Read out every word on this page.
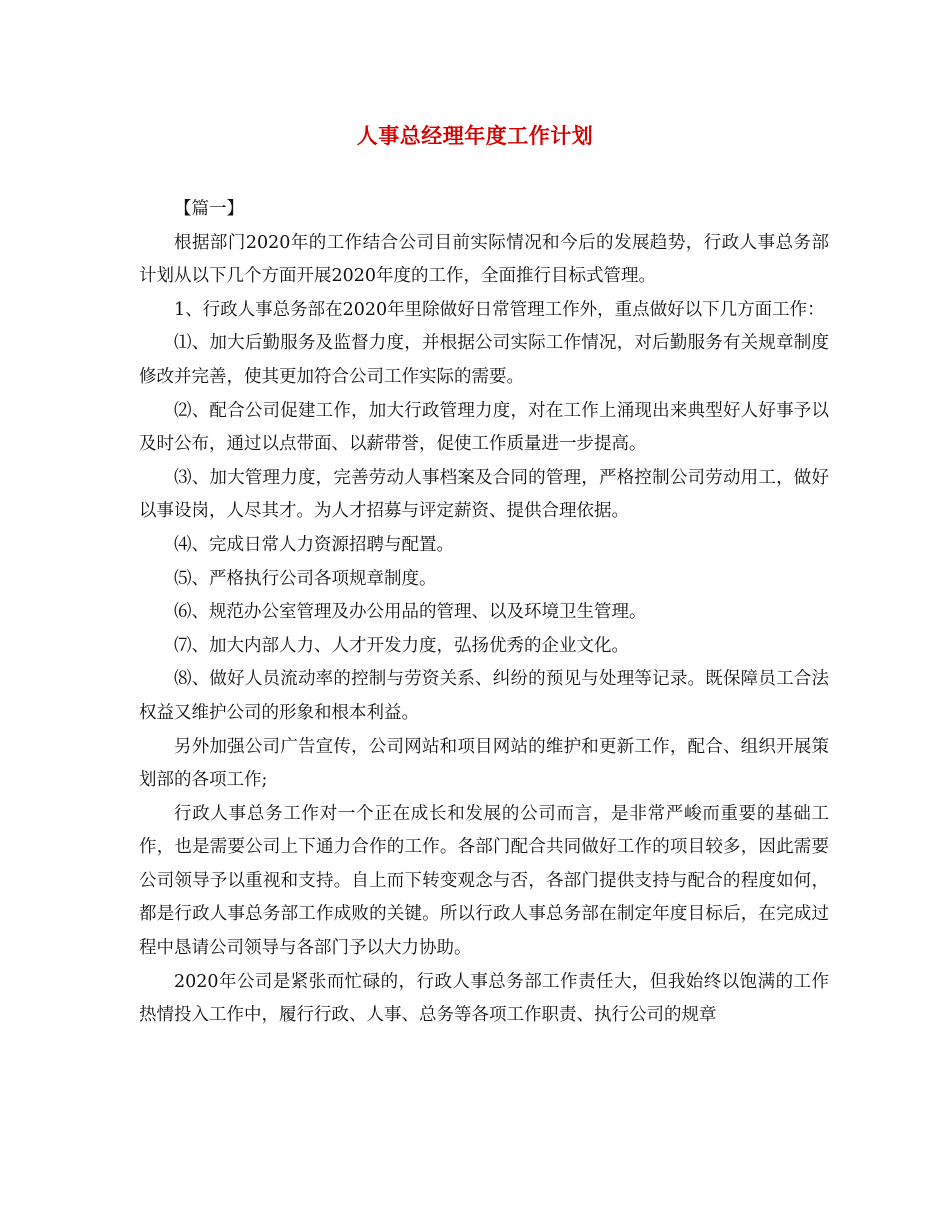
人事总经理年度工作计划

【篇一】

根据部门2020年的工作结合公司目前实际情况和今后的发展趋势，行政人事总务部计划从以下几个方面开展2020年度的工作，全面推行目标式管理。

1、行政人事总务部在2020年里除做好日常管理工作外，重点做好以下几方面工作：

⑴、加大后勤服务及监督力度，并根据公司实际工作情况，对后勤服务有关规章制度修改并完善，使其更加符合公司工作实际的需要。

⑵、配合公司促建工作，加大行政管理力度，对在工作上涌现出来典型好人好事予以及时公布，通过以点带面、以薪带誉，促使工作质量进一步提高。

⑶、加大管理力度，完善劳动人事档案及合同的管理，严格控制公司劳动用工，做好以事设岗，人尽其才。为人才招募与评定薪资、提供合理依据。

⑷、完成日常人力资源招聘与配置。

⑸、严格执行公司各项规章制度。

⑹、规范办公室管理及办公用品的管理、以及环境卫生管理。

⑺、加大内部人力、人才开发力度，弘扬优秀的企业文化。

⑻、做好人员流动率的控制与劳资关系、纠纷的预见与处理等记录。既保障员工合法权益又维护公司的形象和根本利益。

另外加强公司广告宣传，公司网站和项目网站的维护和更新工作，配合、组织开展策划部的各项工作;

行政人事总务工作对一个正在成长和发展的公司而言，是非常严峻而重要的基础工作，也是需要公司上下通力合作的工作。各部门配合共同做好工作的项目较多，因此需要公司领导予以重视和支持。自上而下转变观念与否，各部门提供支持与配合的程度如何，都是行政人事总务部工作成败的关键。所以行政人事总务部在制定年度目标后，在完成过程中恳请公司领导与各部门予以大力协助。

2020年公司是紧张而忙碌的，行政人事总务部工作责任大，但我始终以饱满的工作热情投入工作中，履行行政、人事、总务等各项工作职责、执行公司的规章
